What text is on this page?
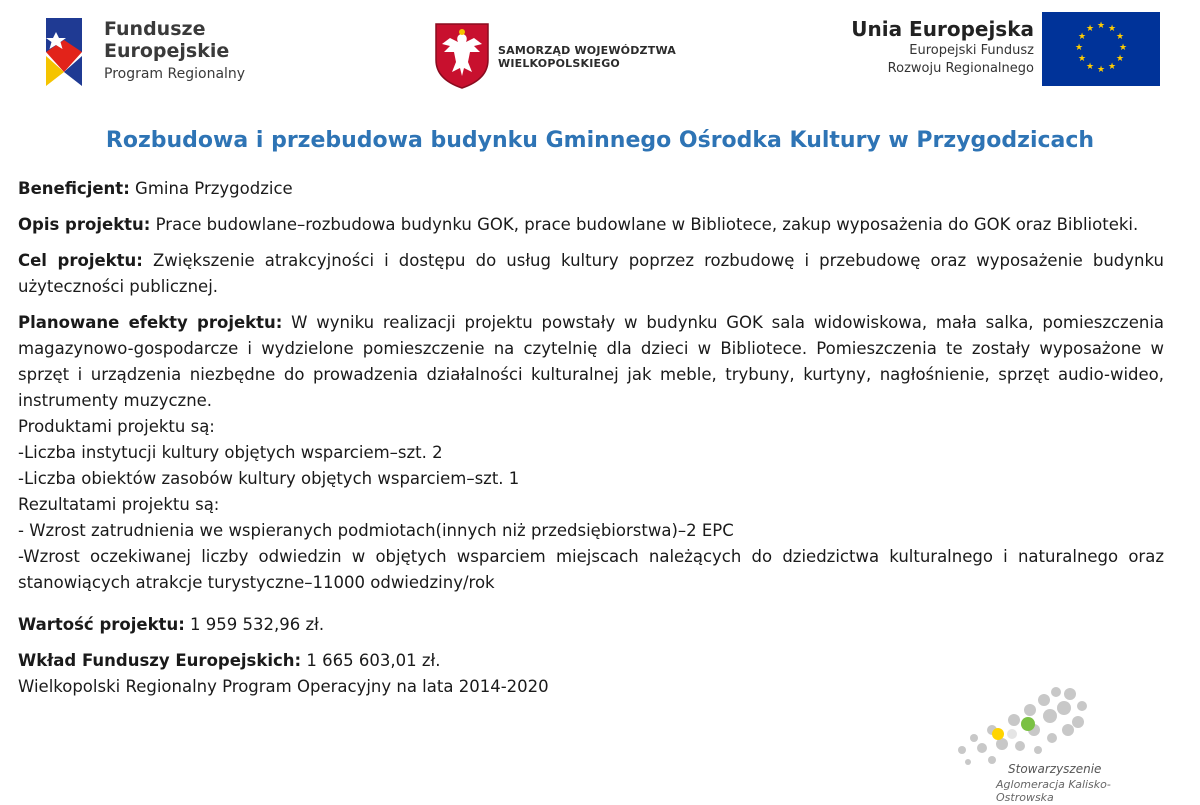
Fundusze
Europejskie
Program Regionalny
SAMORZĄD WOJEWÓDZTWA
WIELKOPOLSKIEGO
Unia Europejska
Europejski Fundusz
Rozwoju Regionalnego
★ ★
★
★
★
★
★
★
★
★
★
★
Rozbudowa i przebudowa budynku Gminnego Ośrodka Kultury w Przygodzicach

Beneficjent: Gmina Przygodzice

Opis projektu: Prace budowlane–rozbudowa budynku GOK, prace budowlane w Bibliotece, zakup wyposażenia do GOK oraz Biblioteki.

Cel projektu: Zwiększenie atrakcyjności i dostępu do usług kultury poprzez rozbudowę i przebudowę oraz wyposażenie budynku użyteczności publicznej.

Planowane efekty projektu: W wyniku realizacji projektu powstały w budynku GOK sala widowiskowa, mała salka, pomieszczenia magazynowo-gospodarcze i wydzielone pomieszczenie na czytelnię dla dzieci w Bibliotece. Pomieszczenia te zostały wyposażone w sprzęt i urządzenia niezbędne do prowadzenia działalności kulturalnej jak meble, trybuny, kurtyny, nagłośnienie, sprzęt audio-wideo, instrumenty muzyczne.

Produktami projektu są:

-Liczba instytucji kultury objętych wsparciem–szt. 2

-Liczba obiektów zasobów kultury objętych wsparciem–szt. 1

Rezultatami projektu są:

- Wzrost zatrudnienia we wspieranych podmiotach(innych niż przedsiębiorstwa)–2 EPC

-Wzrost oczekiwanej liczby odwiedzin w objętych wsparciem miejscach należących do dziedzictwa kulturalnego i naturalnego oraz stanowiących atrakcje turystyczne–11000 odwiedziny/rok

Wartość projektu: 1 959 532,96 zł.

Wkład Funduszy Europejskich: 1 665 603,01 zł.

Wielkopolski Regionalny Program Operacyjny na lata 2014-2020

Stowarzyszenie
Aglomeracja Kalisko-Ostrowska
